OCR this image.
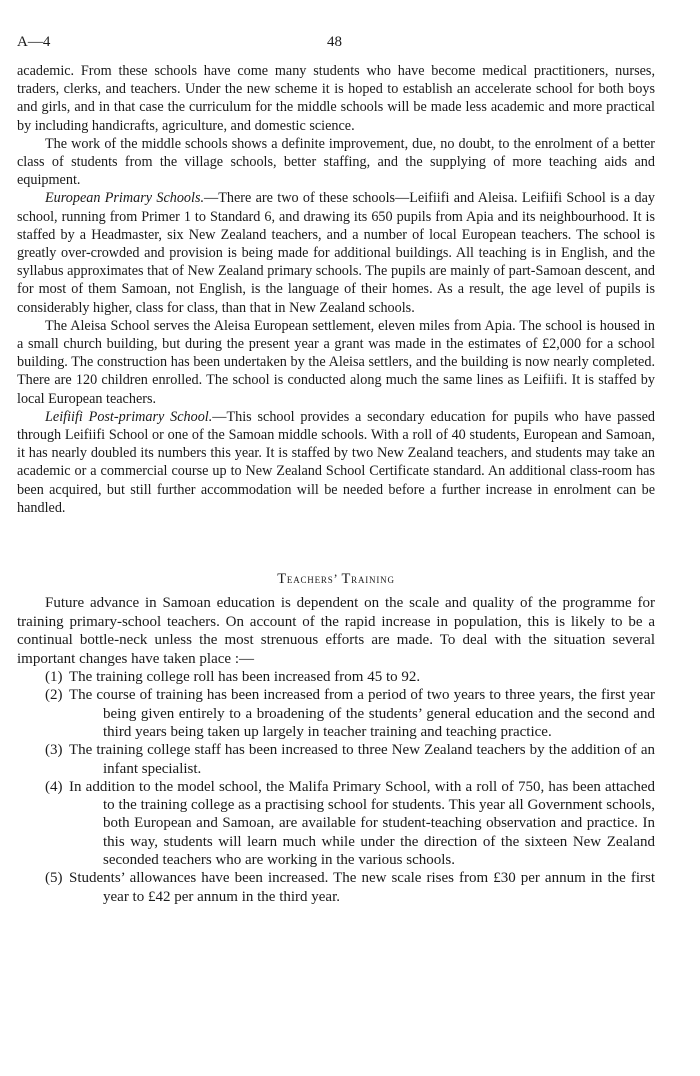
A—4	48

academic. From these schools have come many students who have become medical practitioners, nurses, traders, clerks, and teachers. Under the new scheme it is hoped to establish an accelerate school for both boys and girls, and in that case the curriculum for the middle schools will be made less academic and more practical by including handicrafts, agriculture, and domestic science.

The work of the middle schools shows a definite improvement, due, no doubt, to the enrolment of a better class of students from the village schools, better staffing, and the supplying of more teaching aids and equipment.

European Primary Schools.—There are two of these schools—Leifiifi and Aleisa. Leifiifi School is a day school, running from Primer 1 to Standard 6, and drawing its 650 pupils from Apia and its neighbourhood. It is staffed by a Headmaster, six New Zealand teachers, and a number of local European teachers. The school is greatly over-crowded and provision is being made for additional buildings. All teaching is in English, and the syllabus approximates that of New Zealand primary schools. The pupils are mainly of part-Samoan descent, and for most of them Samoan, not English, is the language of their homes. As a result, the age level of pupils is considerably higher, class for class, than that in New Zealand schools.

The Aleisa School serves the Aleisa European settlement, eleven miles from Apia. The school is housed in a small church building, but during the present year a grant was made in the estimates of £2,000 for a school building. The construction has been undertaken by the Aleisa settlers, and the building is now nearly completed. There are 120 children enrolled. The school is conducted along much the same lines as Leifiifi. It is staffed by local European teachers.

Leifiifi Post-primary School.—This school provides a secondary education for pupils who have passed through Leifiifi School or one of the Samoan middle schools. With a roll of 40 students, European and Samoan, it has nearly doubled its numbers this year. It is staffed by two New Zealand teachers, and students may take an academic or a commercial course up to New Zealand School Certificate standard. An additional class-room has been acquired, but still further accommodation will be needed before a further increase in enrolment can be handled.

Teachers’ Training

Future advance in Samoan education is dependent on the scale and quality of the programme for training primary-school teachers. On account of the rapid increase in population, this is likely to be a continual bottle-neck unless the most strenuous efforts are made. To deal with the situation several important changes have taken place :—

(1) The training college roll has been increased from 45 to 92.
(2) The course of training has been increased from a period of two years to three years, the first year being given entirely to a broadening of the students’ general education and the second and third years being taken up largely in teacher training and teaching practice.
(3) The training college staff has been increased to three New Zealand teachers by the addition of an infant specialist.
(4) In addition to the model school, the Malifa Primary School, with a roll of 750, has been attached to the training college as a practising school for students. This year all Government schools, both European and Samoan, are available for student-teaching observation and practice. In this way, students will learn much while under the direction of the sixteen New Zealand seconded teachers who are working in the various schools.
(5) Students’ allowances have been increased. The new scale rises from £30 per annum in the first year to £42 per annum in the third year.
